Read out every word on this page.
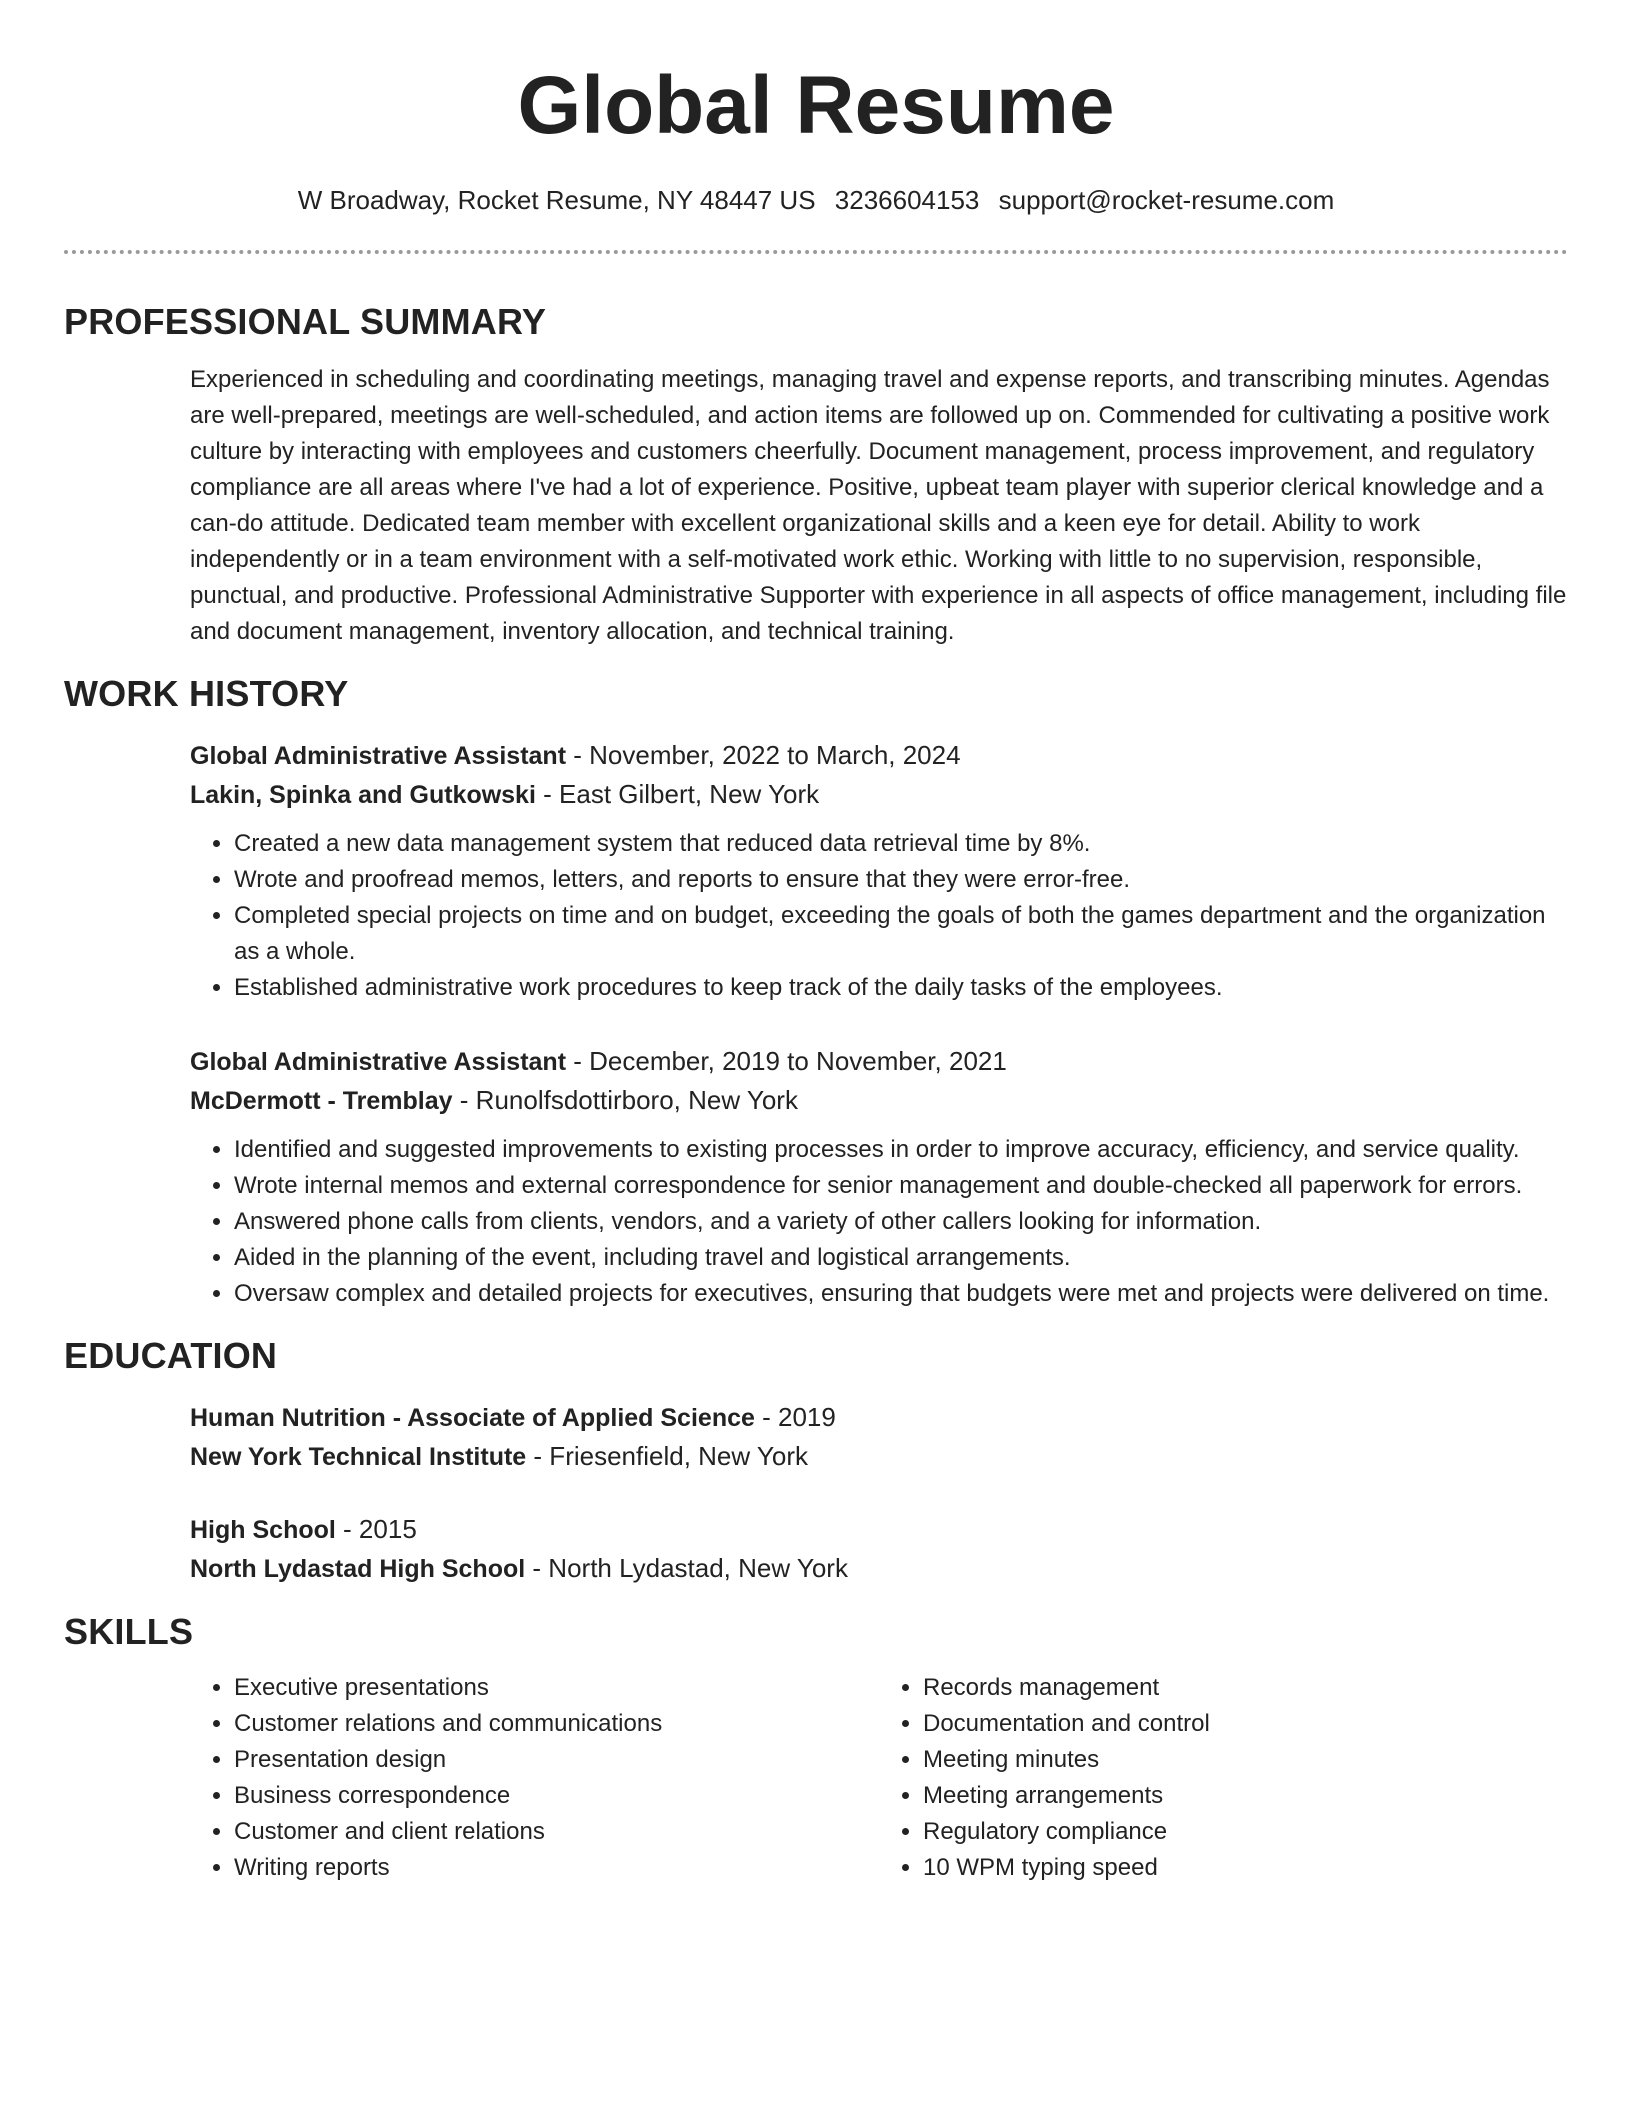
Global Resume
W Broadway, Rocket Resume, NY 48447 US 3236604153 support@rocket-resume.com
PROFESSIONAL SUMMARY

Experienced in scheduling and coordinating meetings, managing travel and expense reports, and transcribing minutes. Agendas are well-prepared, meetings are well-scheduled, and action items are followed up on. Commended for cultivating a positive work culture by interacting with employees and customers cheerfully. Document management, process improvement, and regulatory compliance are all areas where I've had a lot of experience. Positive, upbeat team player with superior clerical knowledge and a can-do attitude. Dedicated team member with excellent organizational skills and a keen eye for detail. Ability to work independently or in a team environment with a self-motivated work ethic. Working with little to no supervision, responsible, punctual, and productive. Professional Administrative Supporter with experience in all aspects of office management, including file and document management, inventory allocation, and technical training.

WORK HISTORY
Global Administrative Assistant - November, 2022 to March, 2024
Lakin, Spinka and Gutkowski - East Gilbert, New York
• Created a new data management system that reduced data retrieval time by 8%.
• Wrote and proofread memos, letters, and reports to ensure that they were error-free.
• Completed special projects on time and on budget, exceeding the goals of both the games department and the organization as a whole.
• Established administrative work procedures to keep track of the daily tasks of the employees.
Global Administrative Assistant - December, 2019 to November, 2021
McDermott - Tremblay - Runolfsdottirboro, New York
• Identified and suggested improvements to existing processes in order to improve accuracy, efficiency, and service quality.
• Wrote internal memos and external correspondence for senior management and double-checked all paperwork for errors.
• Answered phone calls from clients, vendors, and a variety of other callers looking for information.
• Aided in the planning of the event, including travel and logistical arrangements.
• Oversaw complex and detailed projects for executives, ensuring that budgets were met and projects were delivered on time.
EDUCATION
Human Nutrition - Associate of Applied Science - 2019
New York Technical Institute - Friesenfield, New York
High School - 2015
North Lydastad High School - North Lydastad, New York
SKILLS
• Executive presentations
• Customer relations and communications
• Presentation design
• Business correspondence
• Customer and client relations
• Writing reports
• Records management
• Documentation and control
• Meeting minutes
• Meeting arrangements
• Regulatory compliance
• 10 WPM typing speed
